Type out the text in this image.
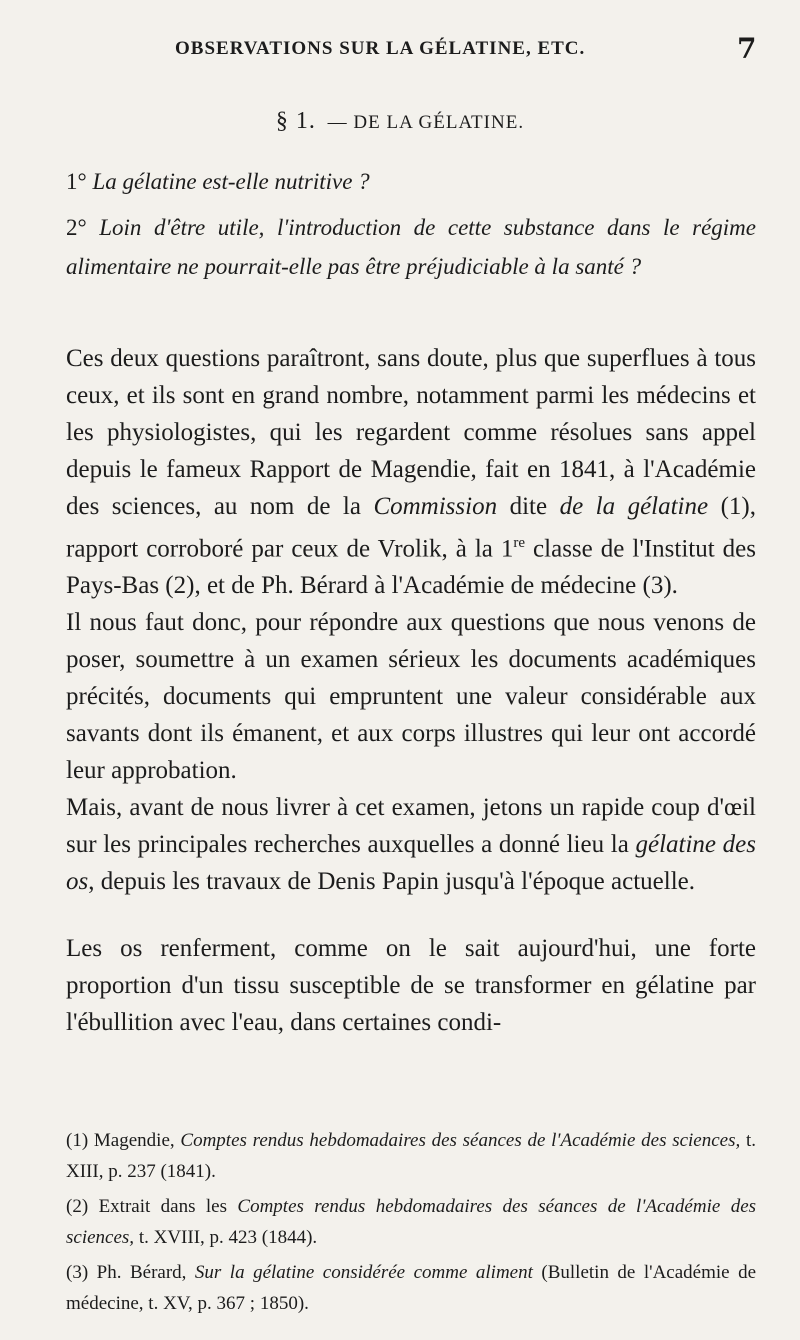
OBSERVATIONS SUR LA GÉLATINE, ETC.	7
§ 1. — DE LA GÉLATINE.
1° La gélatine est-elle nutritive ?
2° Loin d'être utile, l'introduction de cette substance dans le régime alimentaire ne pourrait-elle pas être préjudiciable à la santé ?

Ces deux questions paraîtront, sans doute, plus que superflues à tous ceux, et ils sont en grand nombre, notamment parmi les médecins et les physiologistes, qui les regardent comme résolues sans appel depuis le fameux Rapport de Magendie, fait en 1841, à l'Académie des sciences, au nom de la Commission dite de la gélatine (1), rapport corroboré par ceux de Vrolik, à la 1re classe de l'Institut des Pays-Bas (2), et de Ph. Bérard à l'Académie de médecine (3).

Il nous faut donc, pour répondre aux questions que nous venons de poser, soumettre à un examen sérieux les documents académiques précités, documents qui empruntent une valeur considérable aux savants dont ils émanent, et aux corps illustres qui leur ont accordé leur approbation.

Mais, avant de nous livrer à cet examen, jetons un rapide coup d'œil sur les principales recherches auxquelles a donné lieu la gélatine des os, depuis les travaux de Denis Papin jusqu'à l'époque actuelle.

Les os renferment, comme on le sait aujourd'hui, une forte proportion d'un tissu susceptible de se transformer en gélatine par l'ébullition avec l'eau, dans certaines condi-

(1) Magendie, Comptes rendus hebdomadaires des séances de l'Académie des sciences, t. XIII, p. 237 (1841).

(2) Extrait dans les Comptes rendus hebdomadaires des séances de l'Académie des sciences, t. XVIII, p. 423 (1844).

(3) Ph. Bérard, Sur la gélatine considérée comme aliment (Bulletin de l'Académie de médecine, t. XV, p. 367 ; 1850).
